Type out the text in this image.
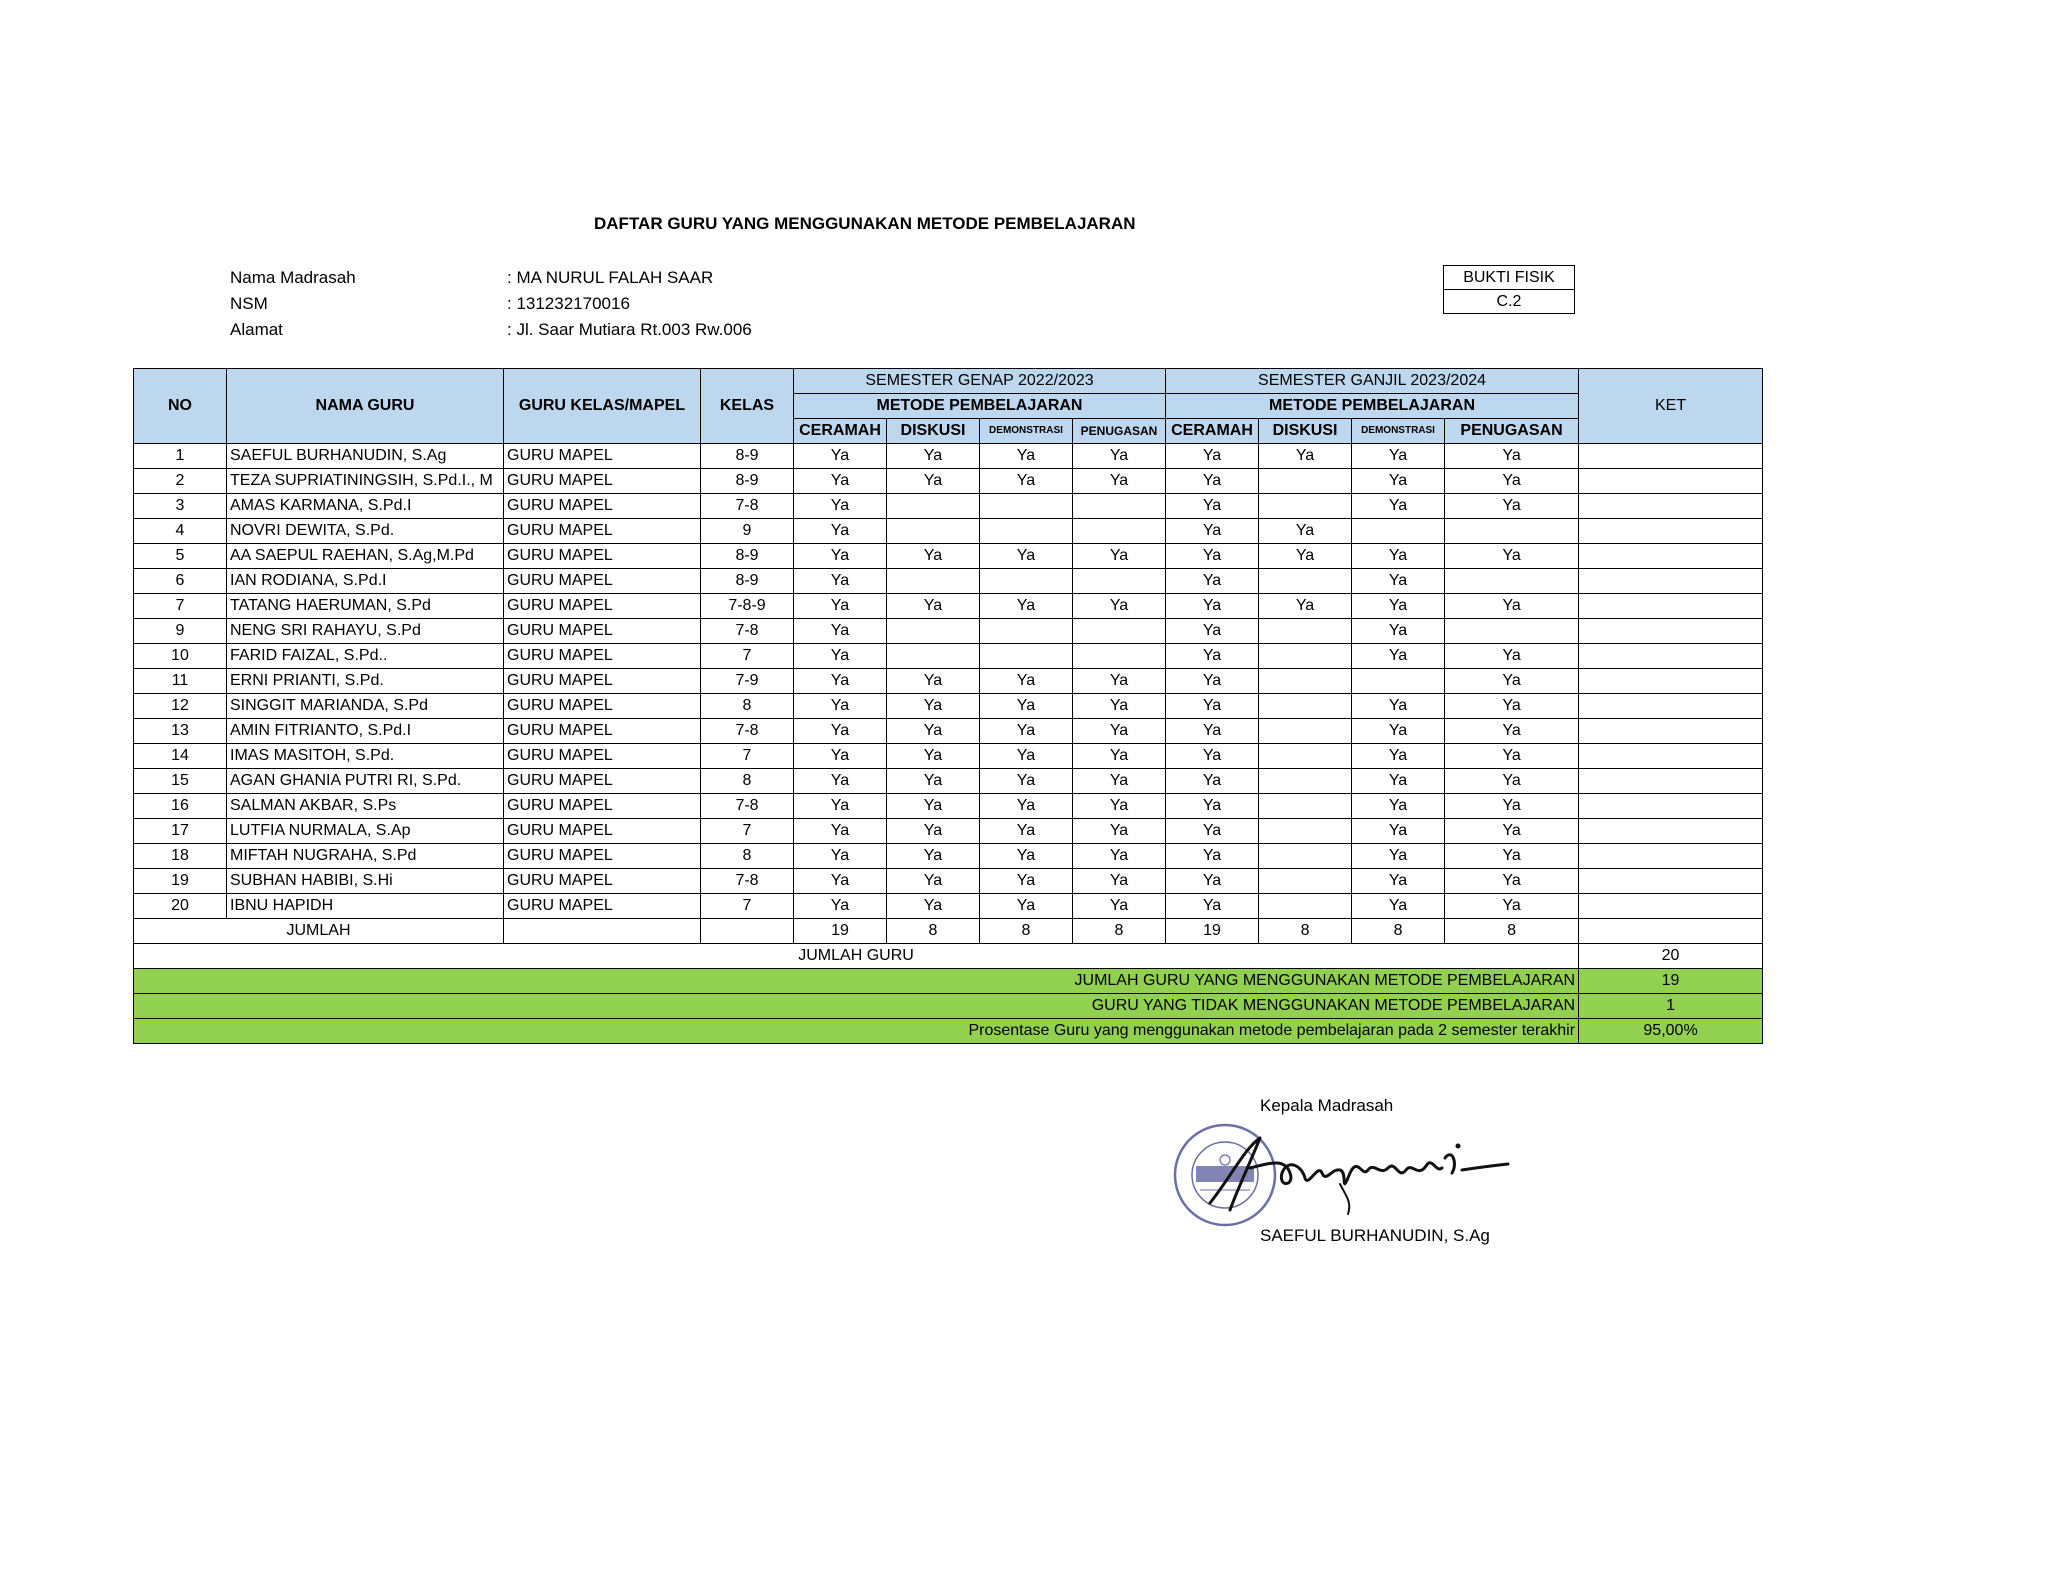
DAFTAR GURU YANG MENGGUNAKAN METODE PEMBELAJARAN
Nama Madrasah	: MA NURUL FALAH SAAR
NSM	: 131232170016
Alamat	: Jl. Saar Mutiara Rt.003 Rw.006
BUKTI FISIK
C.2
NO	NAMA GURU	GURU KELAS/MAPEL	KELAS	SEMESTER GENAP 2022/2023				SEMESTER GANJIL 2023/2024				KET
				METODE PEMBELAJARAN				METODE PEMBELAJARAN				
				CERAMAH	DISKUSI	DEMONSTRASI	PENUGASAN	CERAMAH	DISKUSI	DEMONSTRASI	PENUGASAN	
1	SAEFUL BURHANUDIN, S.Ag	GURU MAPEL	8-9	Ya	Ya	Ya	Ya	Ya	Ya	Ya	Ya	
2	TEZA SUPRIATININGSIH, S.Pd.I., M	GURU MAPEL	8-9	Ya	Ya	Ya	Ya	Ya		Ya	Ya	
3	AMAS KARMANA, S.Pd.I	GURU MAPEL	7-8	Ya				Ya		Ya	Ya	
4	NOVRI DEWITA, S.Pd.	GURU MAPEL	9	Ya				Ya	Ya			
5	AA SAEPUL RAEHAN, S.Ag,M.Pd	GURU MAPEL	8-9	Ya	Ya	Ya	Ya	Ya	Ya	Ya	Ya	
6	IAN RODIANA, S.Pd.I	GURU MAPEL	8-9	Ya				Ya		Ya		
7	TATANG HAERUMAN, S.Pd	GURU MAPEL	7-8-9	Ya	Ya	Ya	Ya	Ya	Ya	Ya	Ya	
9	NENG SRI RAHAYU, S.Pd	GURU MAPEL	7-8	Ya				Ya		Ya		
10	FARID FAIZAL, S.Pd..	GURU MAPEL	7	Ya				Ya		Ya	Ya	
11	ERNI PRIANTI, S.Pd.	GURU MAPEL	7-9	Ya	Ya	Ya	Ya	Ya			Ya	
12	SINGGIT MARIANDA, S.Pd	GURU MAPEL	8	Ya	Ya	Ya	Ya	Ya		Ya	Ya	
13	AMIN FITRIANTO, S.Pd.I	GURU MAPEL	7-8	Ya	Ya	Ya	Ya	Ya		Ya	Ya	
14	IMAS MASITOH, S.Pd.	GURU MAPEL	7	Ya	Ya	Ya	Ya	Ya		Ya	Ya	
15	AGAN GHANIA PUTRI RI, S.Pd.	GURU MAPEL	8	Ya	Ya	Ya	Ya	Ya		Ya	Ya	
16	SALMAN AKBAR, S.Ps	GURU MAPEL	7-8	Ya	Ya	Ya	Ya	Ya		Ya	Ya	
17	LUTFIA NURMALA, S.Ap	GURU MAPEL	7	Ya	Ya	Ya	Ya	Ya		Ya	Ya	
18	MIFTAH NUGRAHA, S.Pd	GURU MAPEL	8	Ya	Ya	Ya	Ya	Ya		Ya	Ya	
19	SUBHAN HABIBI, S.Hi	GURU MAPEL	7-8	Ya	Ya	Ya	Ya	Ya		Ya	Ya	
20	IBNU HAPIDH	GURU MAPEL	7	Ya	Ya	Ya	Ya	Ya		Ya	Ya	
JUMLAH				19	8	8	8	19	8	8	8	
JUMLAH GURU												20
JUMLAH GURU YANG MENGGUNAKAN METODE PEMBELAJARAN												19
GURU YANG TIDAK MENGGUNAKAN METODE PEMBELAJARAN												1
Prosentase Guru yang menggunakan metode pembelajaran pada 2 semester terakhir												95,00%
Kepala Madrasah
SAEFUL BURHANUDIN, S.Ag
